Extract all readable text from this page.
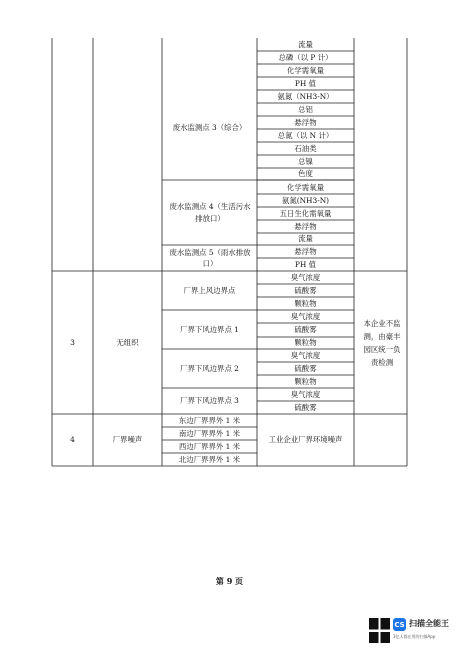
流量
总磷（以 P 计）
化学需氧量
PH 值
氨氮（NH3-N）
总铝
悬浮物
总氮（以 N 计）
石油类
总镍
色度
废水监测点 3（综合）
废水监测点 4（生活污水排放口）
化学需氧量
氨氮(NH3-N)
五日生化需氧量
悬浮物
流量
废水监测点 5（雨水排放口）
悬浮物
PH 值
3	无组织
厂界上风边界点
臭气浓度
硫酸雾
颗粒物
厂界下风边界点 1
臭气浓度
硫酸雾
颗粒物
厂界下风边界点 2
臭气浓度
硫酸雾
颗粒物
厂界下风边界点 3
臭气浓度
硫酸雾
本企业不监测，由豪丰园区统一负责检测
4	厂界噪声
东边厂界界外 1 米
南边厂界界外 1 米
西边厂界界外 1 米
北边厂界界外 1 米
工业企业厂界环境噪声
第 9 页
CS 扫描全能王
3亿人都在用的扫描App
